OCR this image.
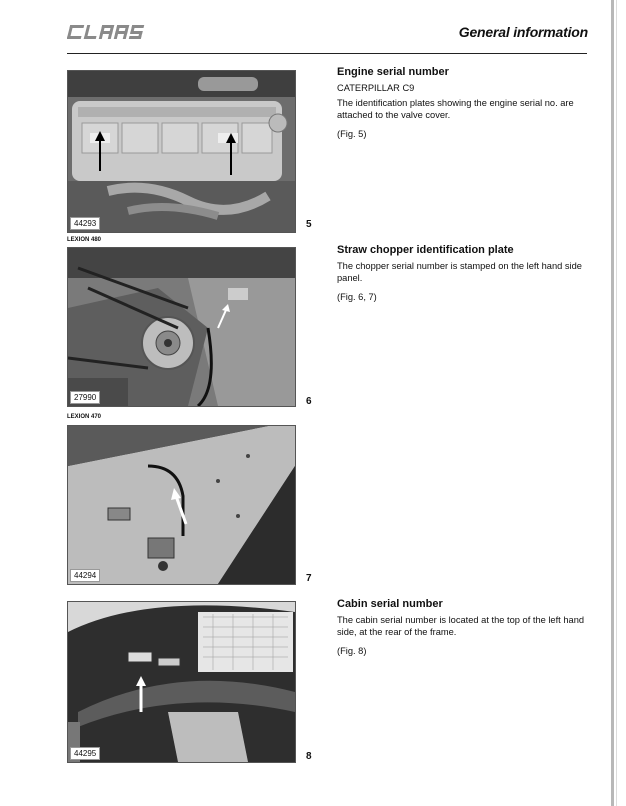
General information
44293	5
LEXION 480
27990	6
LEXION 470
44294	7
44295	8
Engine serial number

CATERPILLAR C9

The identification plates showing the engine serial no. are attached to the valve cover.

(Fig. 5)

Straw chopper identification plate

The chopper serial number is stamped on the left hand side panel.

(Fig. 6, 7)

Cabin serial number

The cabin serial number is located at the top of the left hand side, at the rear of the frame.

(Fig. 8)
